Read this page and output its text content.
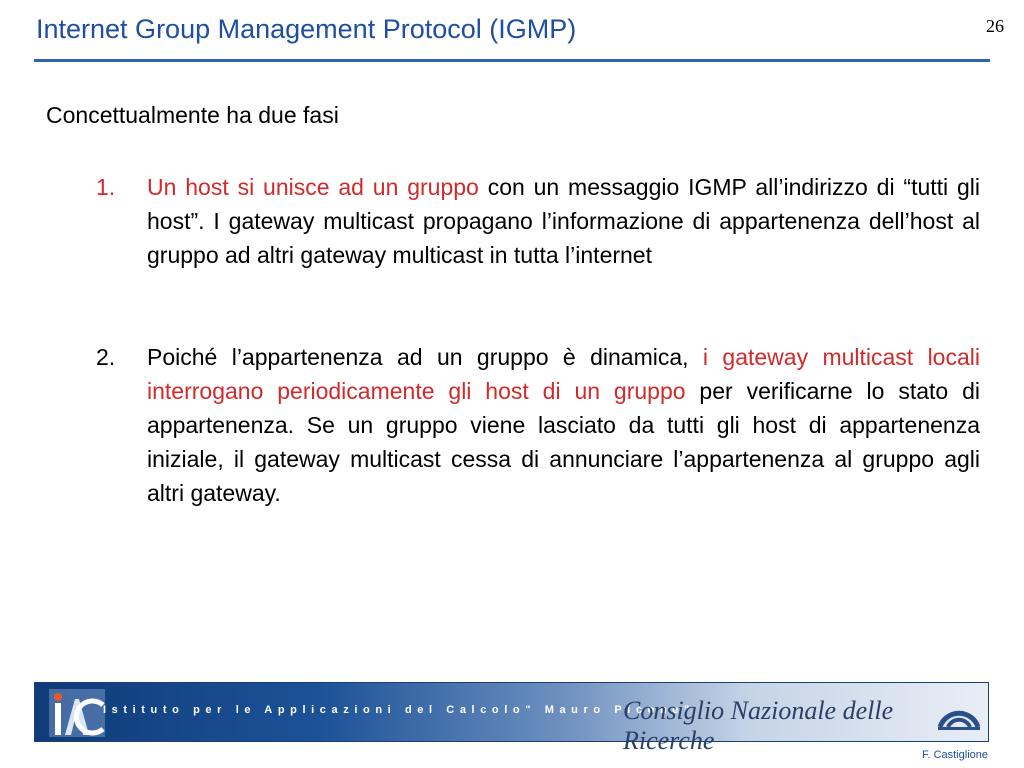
Internet Group Management Protocol (IGMP)	26
Concettualmente ha due fasi
1. Un host si unisce ad un gruppo con un messaggio IGMP all’indirizzo di “tutti gli host”. I gateway multicast propagano l’informazione di appartenenza dell’host al gruppo ad altri gateway multicast in tutta l’internet
2. Poiché l’appartenenza ad un gruppo è dinamica, i gateway multicast locali interrogano periodicamente gli host di un gruppo per verificarne lo stato di appartenenza. Se un gruppo viene lasciato da tutti gli host di appartenenza iniziale, il gateway multicast cessa di annunciare l’appartenenza al gruppo agli altri gateway.
Istituto per le Applicazioni del Calcolo" Mauro Picone"
Consiglio Nazionale delle Ricerche	F. Castiglione
